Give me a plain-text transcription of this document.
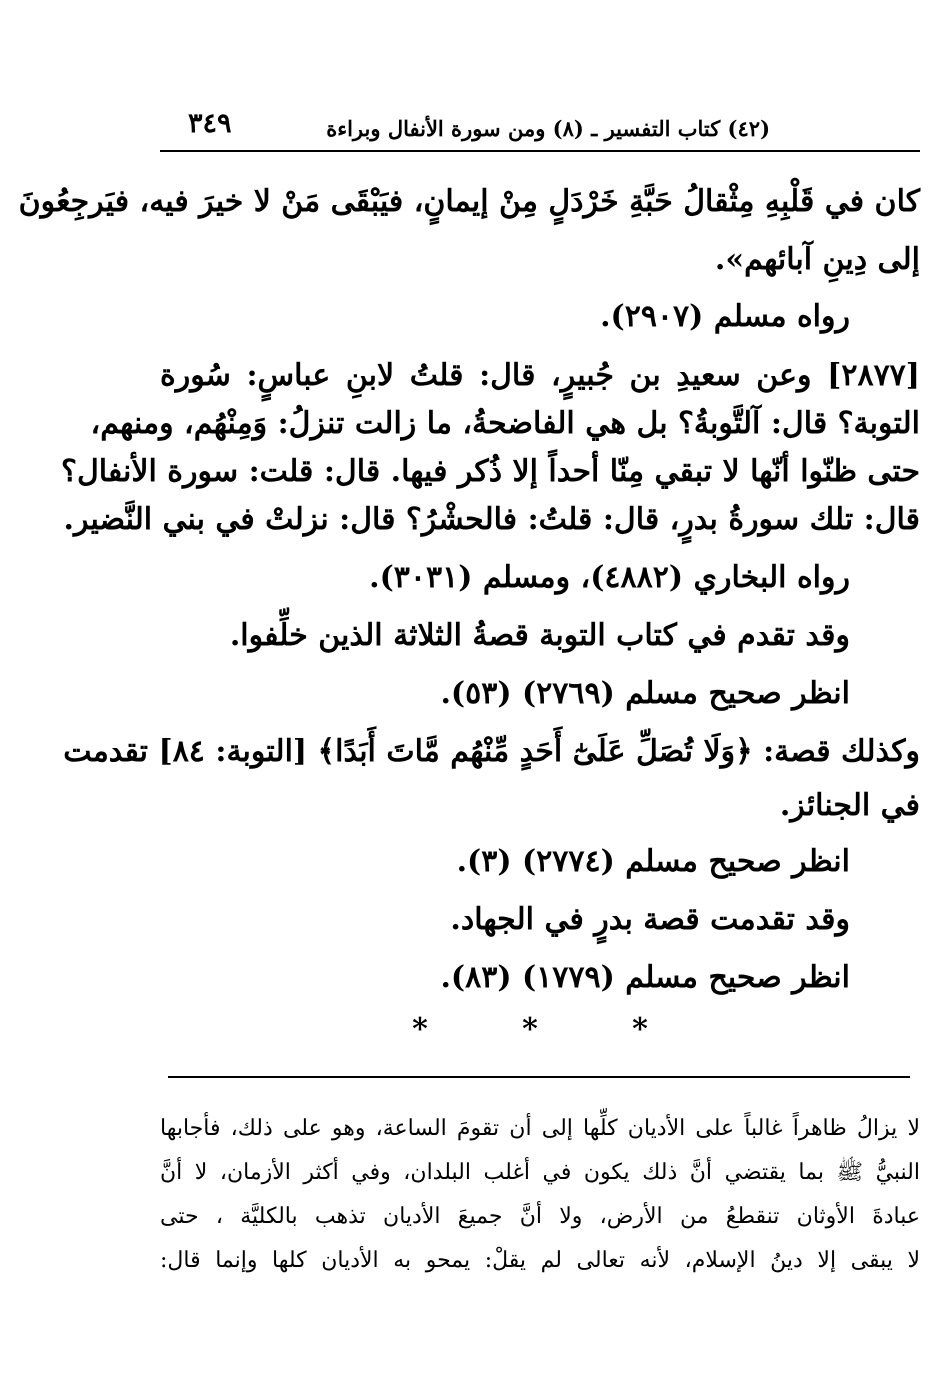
(٤٢) كتاب التفسير ـ (٨) ومن سورة الأنفال وبراءة
٣٤٩
كان في قَلْبِهِ مِثْقالُ حَبَّةِ خَرْدَلٍ مِنْ إيمانٍ، فيَبْقَى مَنْ لا خيرَ فيه، فيَرجِعُونَ
إلى دِينِ آبائهم».
رواه مسلم (٢٩٠٧).
[٢٨٧٧] وعن سعيدِ بن جُبيرٍ، قال: قلتُ لابنِ عباسٍ: سُورة
التوبة؟ قال: آلتَّوبةُ؟ بل هي الفاضحةُ، ما زالت تنزلُ: وَمِنْهُم، ومنهم،
حتى ظنّوا أنّها لا تبقي مِنّا أحداً إلا ذُكر فيها. قال: قلت: سورة الأنفال؟
قال: تلك سورةُ بدرٍ، قال: قلتُ: فالحشْرُ؟ قال: نزلتْ في بني النَّضير.
رواه البخاري (٤٨٨٢)، ومسلم (٣٠٣١).
وقد تقدم في كتاب التوبة قصةُ الثلاثة الذين خلِّفوا.
انظر صحيح مسلم (٢٧٦٩) (٥٣).
وكذلك قصة: ﴿وَلَا تُصَلِّ عَلَىٰٓ أَحَدٍ مِّنْهُم مَّاتَ أَبَدًا﴾ [التوبة: ٨٤] تقدمت
في الجنائز.
انظر صحيح مسلم (٢٧٧٤) (٣).
وقد تقدمت قصة بدرٍ في الجهاد.
انظر صحيح مسلم (١٧٧٩) (٨٣).
*	*	*
لا يزالُ ظاهراً غالباً على الأديان كلِّها إلى أن تقومَ الساعة، وهو على ذلك، فأجابها
النبيُّ ﷺ بما يقتضي أنَّ ذلك يكون في أغلب البلدان، وفي أكثر الأزمان، لا أنَّ
عبادةَ الأوثان تنقطعُ من الأرض، ولا أنَّ جميعَ الأديان تذهب بالكليَّة ، حتى
لا يبقى إلا دينُ الإسلام، لأنه تعالى لم يقلْ: يمحو به الأديان كلها وإنما قال:
